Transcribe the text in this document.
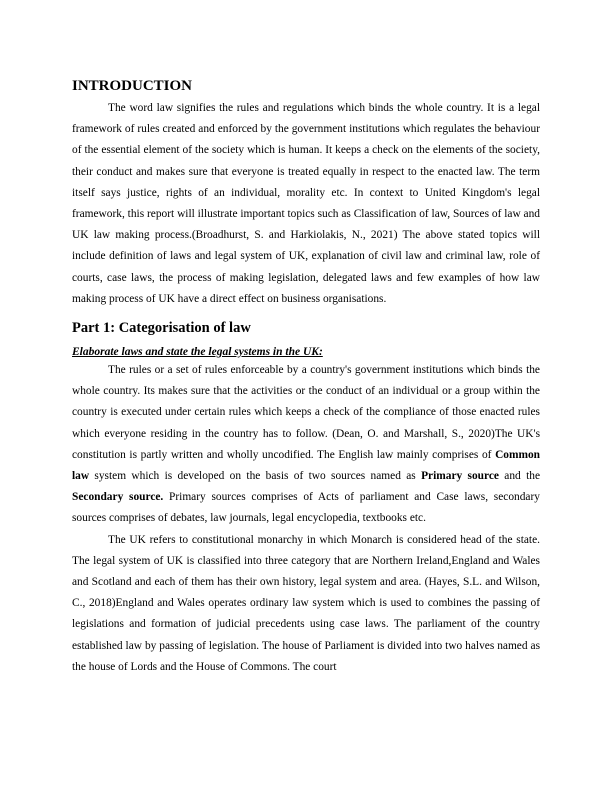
INTRODUCTION

The word law signifies the rules and regulations which binds the whole country. It is a legal framework of rules created and enforced by the government institutions which regulates the behaviour of the essential element of the society which is human. It keeps a check on the elements of the society, their conduct and makes sure that everyone is treated equally in respect to the enacted law. The term itself says justice, rights of an individual, morality etc. In context to United Kingdom's legal framework, this report will illustrate important topics such as Classification of law, Sources of law and UK law making process.(Broadhurst, S. and Harkiolakis, N., 2021) The above stated topics will include definition of laws and legal system of UK, explanation of civil law and criminal law, role of courts, case laws, the process of making legislation, delegated laws and few examples of how law making process of UK have a direct effect on business organisations.

Part 1: Categorisation of law
Elaborate laws and state the legal systems in the UK:

The rules or a set of rules enforceable by a country's government institutions which binds the whole country. Its makes sure that the activities or the conduct of an individual or a group within the country is executed under certain rules which keeps a check of the compliance of those enacted rules which everyone residing in the country has to follow. (Dean, O. and Marshall, S., 2020)The UK's constitution is partly written and wholly uncodified. The English law mainly comprises of Common law system which is developed on the basis of two sources named as Primary source and the Secondary source. Primary sources comprises of Acts of parliament and Case laws, secondary sources comprises of debates, law journals, legal encyclopedia, textbooks etc.

The UK refers to constitutional monarchy in which Monarch is considered head of the state. The legal system of UK is classified into three category that are Northern Ireland,England and Wales and Scotland and each of them has their own history, legal system and area. (Hayes, S.L. and Wilson, C., 2018)England and Wales operates ordinary law system which is used to combines the passing of legislations and formation of judicial precedents using case laws. The parliament of the country established law by passing of legislation. The house of Parliament is divided into two halves named as the house of Lords and the House of Commons. The court
